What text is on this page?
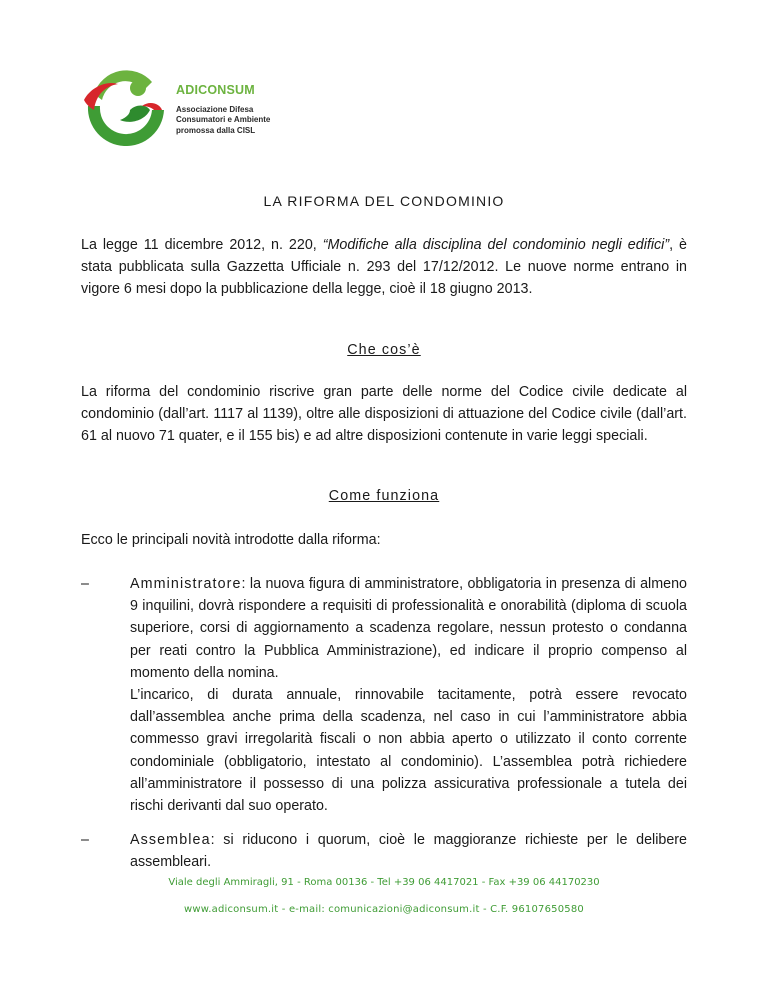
ADICONSUM
Associazione Difesa
Consumatori e Ambiente
promossa dalla CISL
LA RIFORMA DEL CONDOMINIO

La legge 11 dicembre 2012, n. 220, “Modifiche alla disciplina del condominio negli edifici”, è stata pubblicata sulla Gazzetta Ufficiale n. 293 del 17/12/2012. Le nuove norme entrano in vigore 6 mesi dopo la pubblicazione della legge, cioè il 18 giugno 2013.

Che cos’è

La riforma del condominio riscrive gran parte delle norme del Codice civile dedicate al condominio (dall’art. 1117 al 1139), oltre alle disposizioni di attuazione del Codice civile (dall’art. 61 al nuovo 71 quater, e il 155 bis) e ad altre disposizioni contenute in varie leggi speciali.

Come funziona

Ecco le principali novità introdotte dalla riforma:

–	Amministratore: la nuova figura di amministratore, obbligatoria in presenza di almeno 9 inquilini, dovrà rispondere a requisiti di professionalità e onorabilità (diploma di scuola superiore, corsi di aggiornamento a scadenza regolare, nessun protesto o condanna per reati contro la Pubblica Amministrazione), ed indicare il proprio compenso al momento della nomina.
L’incarico, di durata annuale, rinnovabile tacitamente, potrà essere revocato dall’assemblea anche prima della scadenza, nel caso in cui l’amministratore abbia commesso gravi irregolarità fiscali o non abbia aperto o utilizzato il conto corrente condominiale (obbligatorio, intestato al condominio). L’assemblea potrà richiedere all’amministratore il possesso di una polizza assicurativa professionale a tutela dei rischi derivanti dal suo operato.
–	Assemblea: si riducono i quorum, cioè le maggioranze richieste per le delibere assembleari.
Viale degli Ammiragli, 91 - Roma 00136 - Tel +39 06 4417021 - Fax +39 06 44170230
www.adiconsum.it - e-mail: comunicazioni@adiconsum.it - C.F. 96107650580
